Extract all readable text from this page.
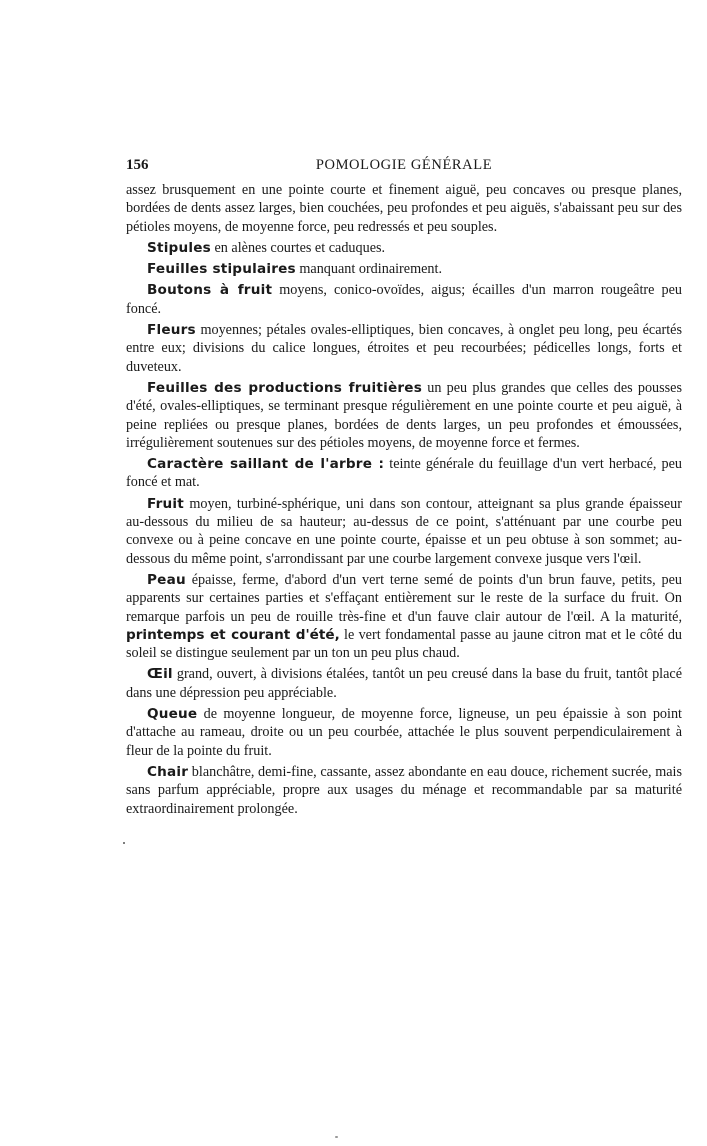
156	POMOLOGIE GÉNÉRALE

assez brusquement en une pointe courte et finement aiguë, peu concaves ou presque planes, bordées de dents assez larges, bien couchées, peu profondes et peu aiguës, s'abaissant peu sur des pétioles moyens, de moyenne force, peu redressés et peu souples.

Stipules en alènes courtes et caduques.

Feuilles stipulaires manquant ordinairement.

Boutons à fruit moyens, conico-ovoïdes, aigus; écailles d'un marron rougeâtre peu foncé.

Fleurs moyennes; pétales ovales-elliptiques, bien concaves, à onglet peu long, peu écartés entre eux; divisions du calice longues, étroites et peu recourbées; pédicelles longs, forts et duveteux.

Feuilles des productions fruitières un peu plus grandes que celles des pousses d'été, ovales-elliptiques, se terminant presque régulièrement en une pointe courte et peu aiguë, à peine repliées ou presque planes, bordées de dents larges, un peu profondes et émoussées, irrégulièrement soutenues sur des pétioles moyens, de moyenne force et fermes.

Caractère saillant de l'arbre : teinte générale du feuillage d'un vert herbacé, peu foncé et mat.

Fruit moyen, turbiné-sphérique, uni dans son contour, atteignant sa plus grande épaisseur au-dessous du milieu de sa hauteur; au-dessus de ce point, s'atténuant par une courbe peu convexe ou à peine concave en une pointe courte, épaisse et un peu obtuse à son sommet; au-dessous du même point, s'arrondissant par une courbe largement convexe jusque vers l'œil.

Peau épaisse, ferme, d'abord d'un vert terne semé de points d'un brun fauve, petits, peu apparents sur certaines parties et s'effaçant entièrement sur le reste de la surface du fruit. On remarque parfois un peu de rouille très-fine et d'un fauve clair autour de l'œil. A la maturité, printemps et courant d'été, le vert fondamental passe au jaune citron mat et le côté du soleil se distingue seulement par un ton un peu plus chaud.

Œil grand, ouvert, à divisions étalées, tantôt un peu creusé dans la base du fruit, tantôt placé dans une dépression peu appréciable.

Queue de moyenne longueur, de moyenne force, ligneuse, un peu épaissie à son point d'attache au rameau, droite ou un peu courbée, attachée le plus souvent perpendiculairement à fleur de la pointe du fruit.

Chair blanchâtre, demi-fine, cassante, assez abondante en eau douce, richement sucrée, mais sans parfum appréciable, propre aux usages du ménage et recommandable par sa maturité extraordinairement prolongée.
